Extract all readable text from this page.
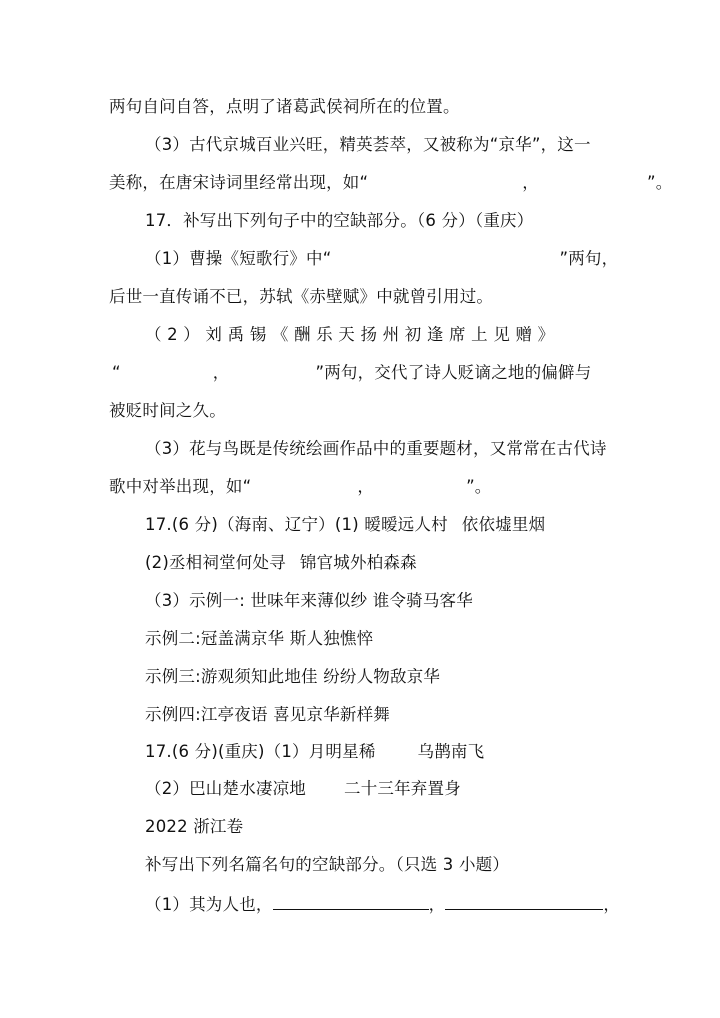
两句自问自答，点明了诸葛武侯祠所在的位置。
（3）古代京城百业兴旺，精英荟萃，又被称为“京华”，这一
美称，在唐宋诗词里经常出现，如“	，	”。
17．补写出下列句子中的空缺部分。（6 分）（重庆）
（1）曹操《短歌行》中“	”两句，
后世一直传诵不已，苏轼《赤壁赋》中就曾引用过。
（ 2 ） 刘 禹 锡 《 酬 乐 天 扬 州 初 逢 席 上 见 赠 》
“	，	”两句，交代了诗人贬谪之地的偏僻与
被贬时间之久。
（3）花与鸟既是传统绘画作品中的重要题材，又常常在古代诗
歌中对举出现，如“	，	”。
17.(6 分)（海南、辽宁）(1) 暧暧远人村 依依墟里烟
(2)丞相祠堂何处寻 锦官城外柏森森
（3）示例一: 世味年来薄似纱 谁令骑马客华
示例二:冠盖满京华 斯人独憔悴
示例三:游观须知此地佳 纷纷人物敌京华
示例四:江亭夜语 喜见京华新样舞
17.(6 分)(重庆)（1）月明星稀	乌鹊南飞
（2）巴山楚水凄凉地 二十三年弃置身
2022 浙江卷
补写出下列名篇名句的空缺部分。（只选 3 小题）
（1）其为人也，	，	，
